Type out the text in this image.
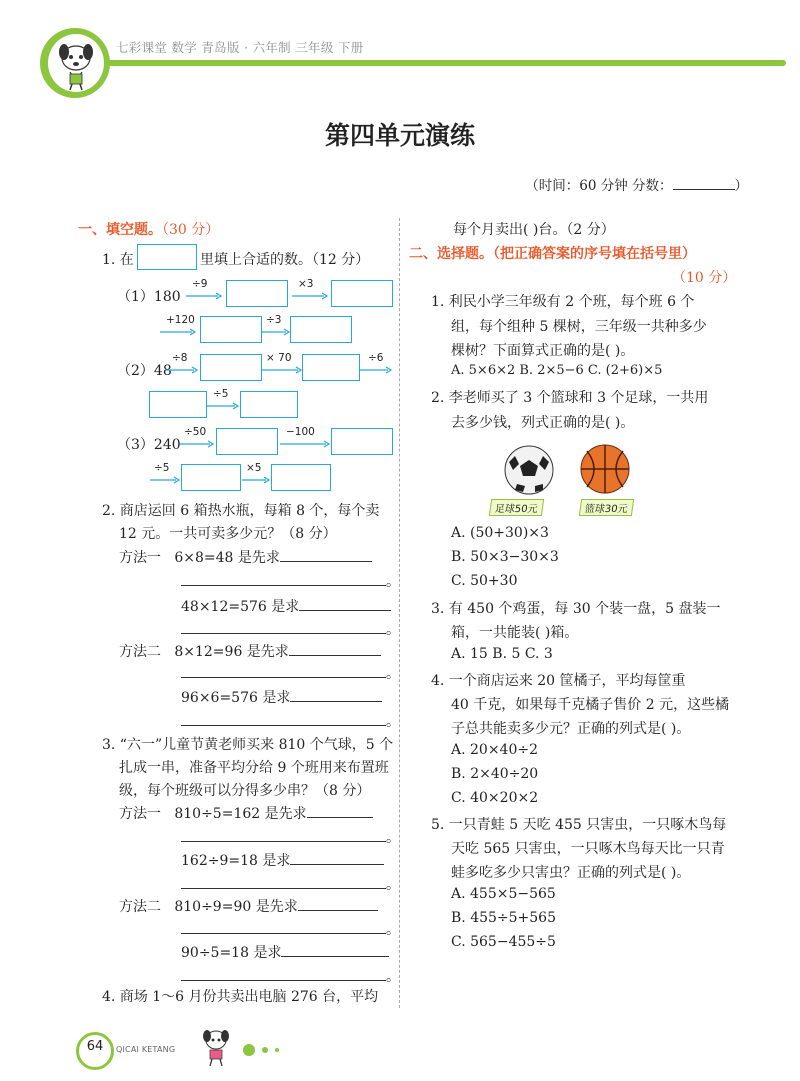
七彩课堂 数学 青岛版 · 六年制 三年级 下册
第四单元演练
（时间：60 分钟 分数：	）
一、填空题。（30 分）
1. 在	里填上合适的数。（12 分）
（1）180
÷9	×3
+120	÷3
（2）48
÷8	× 70	÷6
÷5
（3）240
÷50	−100
÷5	×5
2. 商店运回 6 箱热水瓶，每箱 8 个，每个卖
12 元。一共可卖多少元？（8 分）
方法一 6×8=48 是先求
。
48×12=576 是求
。
方法二 8×12=96 是先求
。
96×6=576 是求
。
3. “六一”儿童节黄老师买来 810 个气球，5 个
扎成一串，准备平均分给 9 个班用来布置班
级，每个班级可以分得多少串？（8 分）
方法一 810÷5=162 是先求
。
162÷9=18 是求
。
方法二 810÷9=90 是先求
。
90÷5=18 是求
。
4. 商场 1～6 月份共卖出电脑 276 台，平均
每个月卖出( )台。（2 分）
二、选择题。（把正确答案的序号填在括号里）
（10 分）
1. 利民小学三年级有 2 个班，每个班 6 个
组，每个组种 5 棵树，三年级一共种多少
棵树？下面算式正确的是( )。
A. 5×6×2 B. 2×5−6 C. (2+6)×5
2. 李老师买了 3 个篮球和 3 个足球，一共用
去多少钱，列式正确的是( )。
足球50元	篮球30元
A. (50+30)×3
B. 50×3−30×3
C. 50+30
3. 有 450 个鸡蛋，每 30 个装一盘，5 盘装一
箱，一共能装( )箱。
A. 15 B. 5 C. 3
4. 一个商店运来 20 筐橘子，平均每筐重
40 千克，如果每千克橘子售价 2 元，这些橘
子总共能卖多少元？正确的列式是( )。
A. 20×40÷2
B. 2×40÷20
C. 40×20×2
5. 一只青蛙 5 天吃 455 只害虫，一只啄木鸟每
天吃 565 只害虫，一只啄木鸟每天比一只青
蛙多吃多少只害虫？正确的列式是( )。
A. 455×5−565
B. 455÷5+565
C. 565−455÷5
64	QICAI KETANG
